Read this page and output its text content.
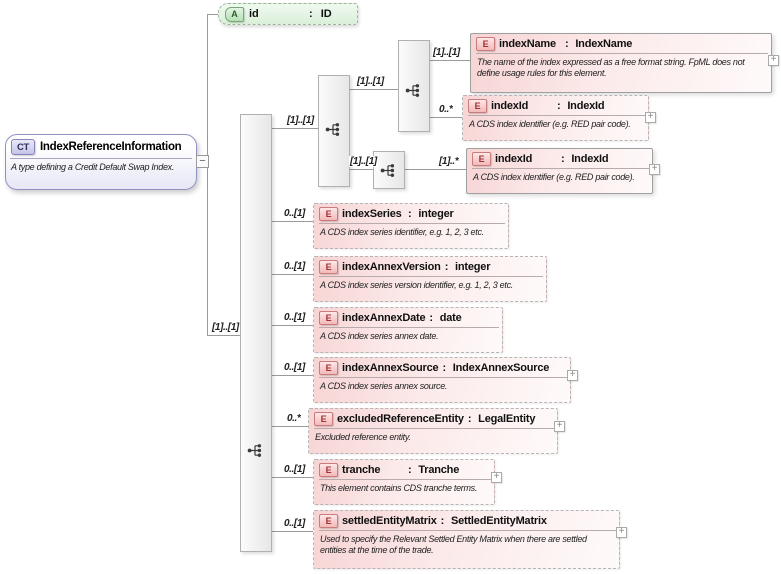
CT IndexReferenceInformation
A type defining a Credit Default Swap Index.	−
A	id	: ID
E indexName : IndexName
The name of the index expressed as a free format string. FpML does not define usage rules for this element.
E indexId	: IndexId
A CDS index identifier (e.g. RED pair code).
E indexId	: IndexId
A CDS index identifier (e.g. RED pair code).
E indexSeries : integer
A CDS index series identifier, e.g. 1, 2, 3 etc.
E indexAnnexVersion : integer
A CDS index series version identifier, e.g. 1, 2, 3 etc.
E indexAnnexDate : date
A CDS index series annex date.
E indexAnnexSource : IndexAnnexSource
A CDS index series annex source.
E excludedReferenceEntity : LegalEntity
Excluded reference entity.
E tranche	: Tranche
This element contains CDS tranche terms.
E settledEntityMatrix : SettledEntityMatrix
Used to specify the Relevant Settled Entity Matrix when there are settled entities at the time of the trade.
[1]..[1]
[1]..[1]
[1]..[1]
[1]..[1]
[1]..[1]
0..*
[1]..*
0..[1]
0..[1]
0..[1]
0..[1]
0..*
0..[1]
0..[1]
+
+
+
+
+
+
+
